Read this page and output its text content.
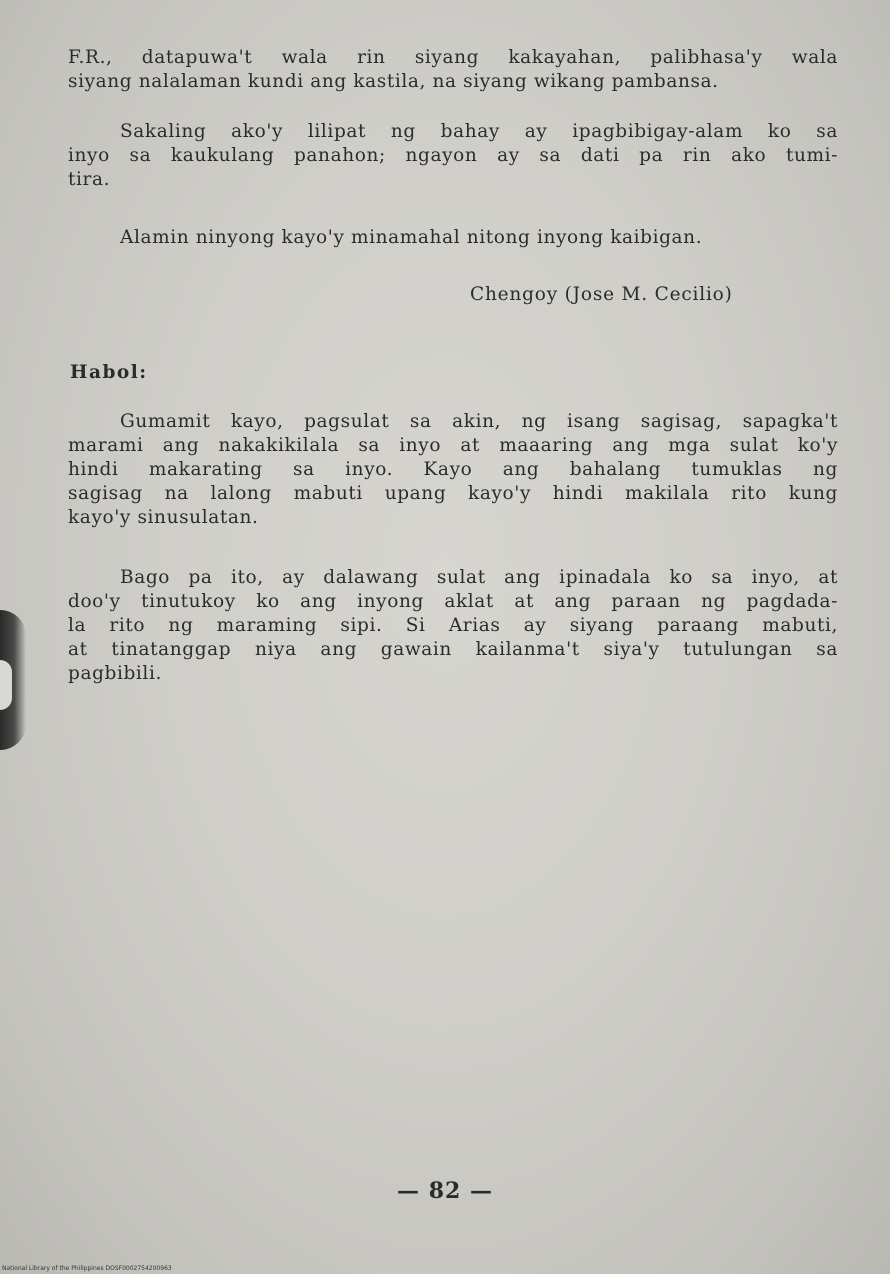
F.R., datapuwa't wala rin siyang kakayahan, palibhasa'y wala
siyang nalalaman kundi ang kastila, na siyang wikang pambansa.
Sakaling ako'y lilipat ng bahay ay ipagbibigay-alam ko sa
inyo sa kaukulang panahon; ngayon ay sa dati pa rin ako tumi-
tira.
Alamin ninyong kayo'y minamahal nitong inyong kaibigan.
Chengoy (Jose M. Cecilio)
Habol:
Gumamit kayo, pagsulat sa akin, ng isang sagisag, sapagka't
marami ang nakakikilala sa inyo at maaaring ang mga sulat ko'y
hindi makarating sa inyo. Kayo ang bahalang tumuklas ng
sagisag na lalong mabuti upang kayo'y hindi makilala rito kung
kayo'y sinusulatan.
Bago pa ito, ay dalawang sulat ang ipinadala ko sa inyo, at
doo'y tinutukoy ko ang inyong aklat at ang paraan ng pagdada-
la rito ng maraming sipi. Si Arias ay siyang paraang mabuti,
at tinatanggap niya ang gawain kailanma't siya'y tutulungan sa
pagbibili.
— 82 —
National Library of the Philippines DOSF0002754200963
